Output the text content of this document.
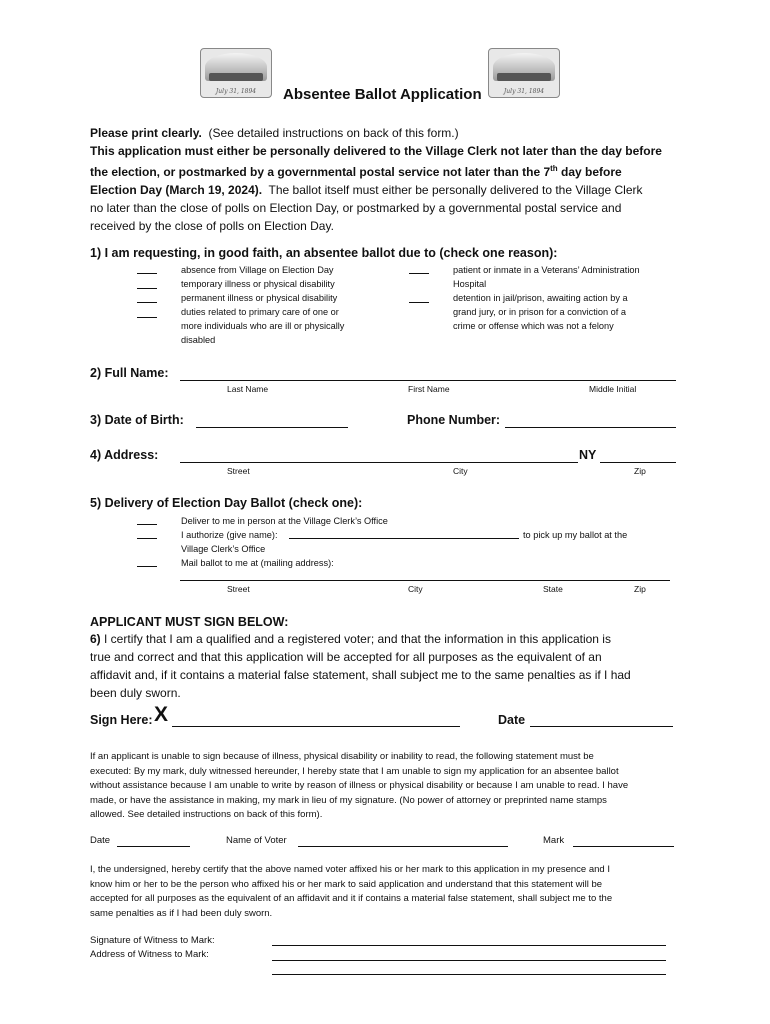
July 31, 1894	July 31, 1894
Absentee Ballot Application
Please print clearly. (See detailed instructions on back of this form.)
This application must either be personally delivered to the Village Clerk not later than the day before
the election, or postmarked by a governmental postal service not later than the 7th day before
Election Day (March 19, 2024). The ballot itself must either be personally delivered to the Village Clerk
no later than the close of polls on Election Day, or postmarked by a governmental postal service and
received by the close of polls on Election Day.
1) I am requesting, in good faith, an absentee ballot due to (check one reason):
absence from Village on Election Day
temporary illness or physical disability
permanent illness or physical disability
duties related to primary care of one or
more individuals who are ill or physically
disabled
patient or inmate in a Veterans’ Administration
Hospital
detention in jail/prison, awaiting action by a
grand jury, or in prison for a conviction of a
crime or offense which was not a felony
2) Full Name:
Last Name	First Name	Middle Initial
3) Date of Birth:	Phone Number:
4) Address:	NY
Street	City	Zip
5) Delivery of Election Day Ballot (check one):
Deliver to me in person at the Village Clerk’s Office
I authorize (give name):	to pick up my ballot at the
Village Clerk’s Office
Mail ballot to me at (mailing address):
Street	City	State	Zip
APPLICANT MUST SIGN BELOW:
6) I certify that I am a qualified and a registered voter; and that the information in this application is
true and correct and that this application will be accepted for all purposes as the equivalent of an
affidavit and, if it contains a material false statement, shall subject me to the same penalties as if I had
been duly sworn.
Sign Here: X	Date
If an applicant is unable to sign because of illness, physical disability or inability to read, the following statement must be
executed: By my mark, duly witnessed hereunder, I hereby state that I am unable to sign my application for an absentee ballot
without assistance because I am unable to write by reason of illness or physical disability or because I am unable to read. I have
made, or have the assistance in making, my mark in lieu of my signature. (No power of attorney or preprinted name stamps
allowed. See detailed instructions on back of this form).
Date	Name of Voter	Mark
I, the undersigned, hereby certify that the above named voter affixed his or her mark to this application in my presence and I
know him or her to be the person who affixed his or her mark to said application and understand that this statement will be
accepted for all purposes as the equivalent of an affidavit and it if contains a material false statement, shall subject me to the
same penalties as if I had been duly sworn.
Signature of Witness to Mark:
Address of Witness to Mark:
